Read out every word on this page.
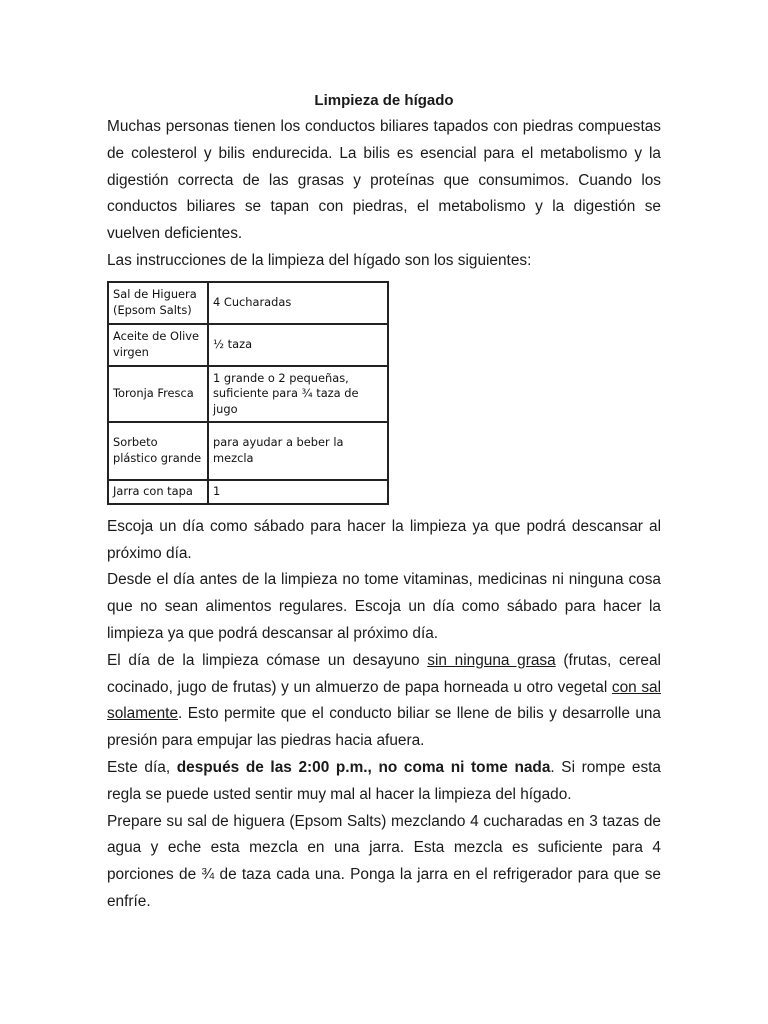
Limpieza de hígado

Muchas personas tienen los conductos biliares tapados con piedras compuestas de colesterol y bilis endurecida. La bilis es esencial para el metabolismo y la digestión correcta de las grasas y proteínas que consumimos. Cuando los conductos biliares se tapan con piedras, el metabolismo y la digestión se vuelven deficientes.

Las instrucciones de la limpieza del hígado son los siguientes:

Sal de Higuera (Epsom Salts)	4 Cucharadas
Aceite de Olive virgen	½ taza
Toronja Fresca	1 grande o 2 pequeñas, suficiente para ¾ taza de jugo
Sorbeto plástico grande	para ayudar a beber la mezcla
Jarra con tapa	1

Escoja un día como sábado para hacer la limpieza ya que podrá descansar al próximo día.

Desde el día antes de la limpieza no tome vitaminas, medicinas ni ninguna cosa que no sean alimentos regulares. Escoja un día como sábado para hacer la limpieza ya que podrá descansar al próximo día.

El día de la limpieza cómase un desayuno sin ninguna grasa (frutas, cereal cocinado, jugo de frutas) y un almuerzo de papa horneada u otro vegetal con sal solamente. Esto permite que el conducto biliar se llene de bilis y desarrolle una presión para empujar las piedras hacia afuera.

Este día, después de las 2:00 p.m., no coma ni tome nada. Si rompe esta regla se puede usted sentir muy mal al hacer la limpieza del hígado.

Prepare su sal de higuera (Epsom Salts) mezclando 4 cucharadas en 3 tazas de agua y eche esta mezcla en una jarra. Esta mezcla es suficiente para 4 porciones de ¾ de taza cada una. Ponga la jarra en el refrigerador para que se enfríe.
